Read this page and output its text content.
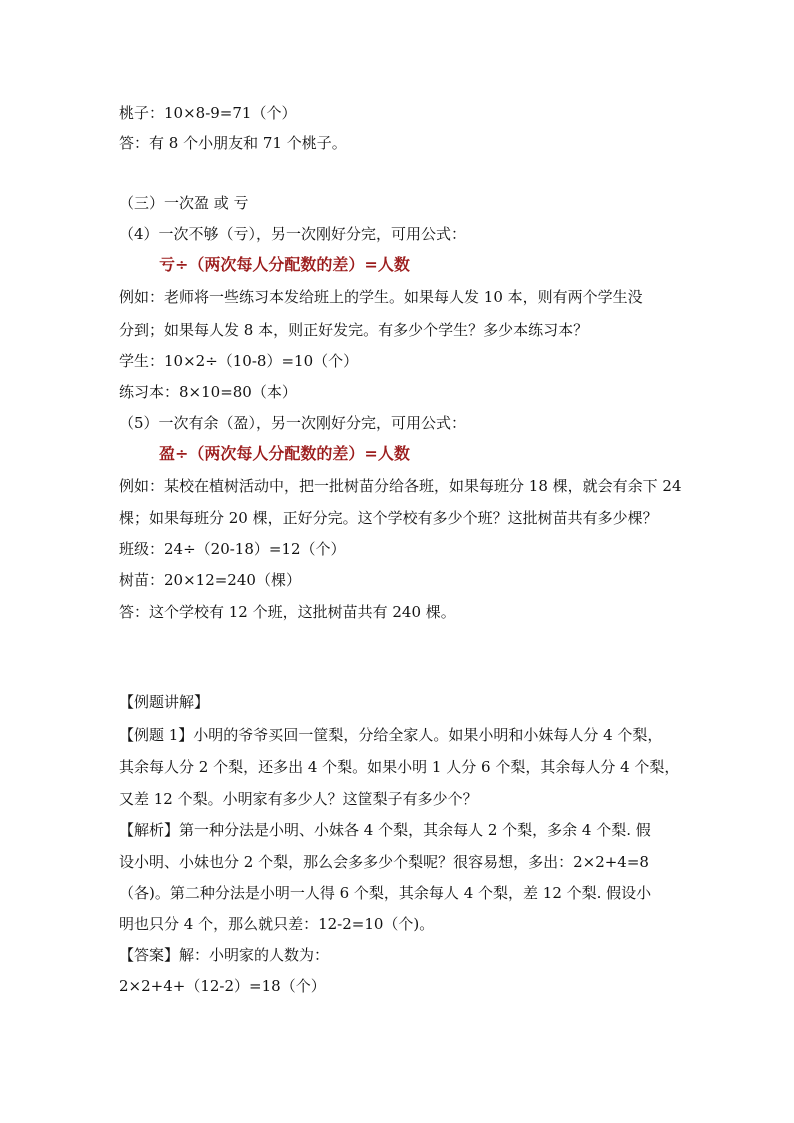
桃子：10×8-9=71（个）
答：有 8 个小朋友和 71 个桃子。
（三）一次盈 或 亏
（4）一次不够（亏），另一次刚好分完，可用公式：
亏÷（两次每人分配数的差）=人数
例如：老师将一些练习本发给班上的学生。如果每人发 10 本，则有两个学生没
分到；如果每人发 8 本，则正好发完。有多少个学生？多少本练习本？
学生：10×2÷（10-8）=10（个）
练习本：8×10=80（本）
（5）一次有余（盈），另一次刚好分完，可用公式：
盈÷（两次每人分配数的差）=人数
例如：某校在植树活动中，把一批树苗分给各班，如果每班分 18 棵，就会有余下 24
棵；如果每班分 20 棵，正好分完。这个学校有多少个班？这批树苗共有多少棵？
班级：24÷（20-18）=12（个）
树苗：20×12=240（棵）
答：这个学校有 12 个班，这批树苗共有 240 棵。
【例题讲解】
【例题 1】小明的爷爷买回一筐梨，分给全家人。如果小明和小妹每人分 4 个梨，
其余每人分 2 个梨，还多出 4 个梨。如果小明 1 人分 6 个梨，其余每人分 4 个梨，
又差 12 个梨。小明家有多少人？这筐梨子有多少个？
【解析】第一种分法是小明、小妹各 4 个梨，其余每人 2 个梨，多余 4 个梨. 假
设小明、小妹也分 2 个梨，那么会多多少个梨呢？很容易想，多出：2×2+4=8
（各)。第二种分法是小明一人得 6 个梨，其余每人 4 个梨，差 12 个梨. 假设小
明也只分 4 个，那么就只差：12-2=10（个)。
【答案】解：小明家的人数为：
2×2+4+（12-2）=18（个）
